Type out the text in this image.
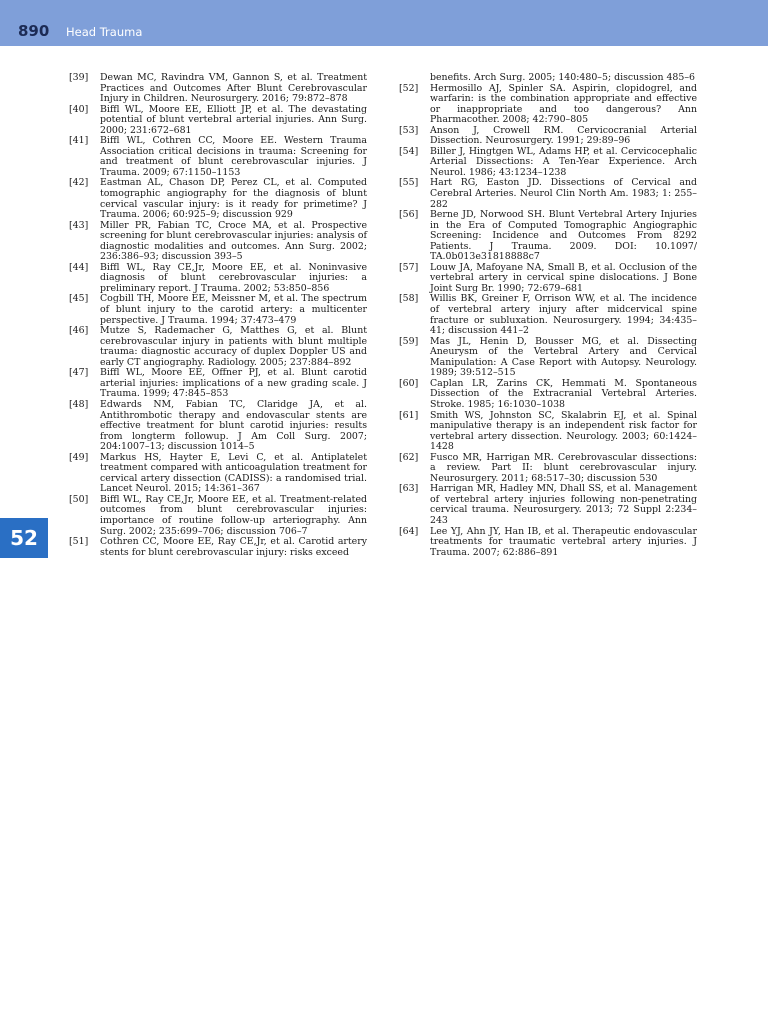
890 Head Trauma
52
[39] Dewan MC, Ravindra VM, Gannon S, et al. Treatment Practices and Outcomes After Blunt Cerebrovascular Injury in Children. Neurosurgery. 2016; 79:872–878
[40] Biffl WL, Moore EE, Elliott JP, et al. The devastating potential of blunt vertebral arterial injuries. Ann Surg. 2000; 231:672–681
[41] Biffl WL, Cothren CC, Moore EE. Western Trauma Association critical decisions in trauma: Screening for and treatment of blunt cerebrovascular injuries. J Trauma. 2009; 67:1150–1153
[42] Eastman AL, Chason DP, Perez CL, et al. Computed tomographic angiography for the diagnosis of blunt cervical vascular injury: is it ready for primetime? J Trauma. 2006; 60:925–9; discussion 929
[43] Miller PR, Fabian TC, Croce MA, et al. Prospective screening for blunt cerebrovascular injuries: analysis of diagnostic modalities and outcomes. Ann Surg. 2002; 236:386–93; discussion 393–5
[44] Biffl WL, Ray CE,Jr, Moore EE, et al. Noninvasive diagnosis of blunt cerebrovascular injuries: a preliminary report. J Trauma. 2002; 53:850–856
[45] Cogbill TH, Moore EE, Meissner M, et al. The spectrum of blunt injury to the carotid artery: a multicenter perspective. J Trauma. 1994; 37:473–479
[46] Mutze S, Rademacher G, Matthes G, et al. Blunt cerebrovascular injury in patients with blunt multiple trauma: diagnostic accuracy of duplex Doppler US and early CT angiography. Radiology. 2005; 237:884–892
[47] Biffl WL, Moore EE, Offner PJ, et al. Blunt carotid arterial injuries: implications of a new grading scale. J Trauma. 1999; 47:845–853
[48] Edwards NM, Fabian TC, Claridge JA, et al. Antithrombotic therapy and endovascular stents are effective treatment for blunt carotid injuries: results from longterm followup. J Am Coll Surg. 2007; 204:1007–13; discussion 1014–5
[49] Markus HS, Hayter E, Levi C, et al. Antiplatelet treatment compared with anticoagulation treatment for cervical artery dissection (CADISS): a randomised trial. Lancet Neurol. 2015; 14:361–367
[50] Biffl WL, Ray CE,Jr, Moore EE, et al. Treatment-related outcomes from blunt cerebrovascular injuries: importance of routine follow-up arteriography. Ann Surg. 2002; 235:699–706; discussion 706–7
[51] Cothren CC, Moore EE, Ray CE,Jr, et al. Carotid artery stents for blunt cerebrovascular injury: risks exceed
benefits. Arch Surg. 2005; 140:480–5; discussion 485–6
[52] Hermosillo AJ, Spinler SA. Aspirin, clopidogrel, and warfarin: is the combination appropriate and effective or inappropriate and too dangerous? Ann Pharmacother. 2008; 42:790–805
[53] Anson J, Crowell RM. Cervicocranial Arterial Dissection. Neurosurgery. 1991; 29:89–96
[54] Biller J, Hingtgen WL, Adams HP, et al. Cervicocephalic Arterial Dissections: A Ten-Year Experience. Arch Neurol. 1986; 43:1234–1238
[55] Hart RG, Easton JD. Dissections of Cervical and Cerebral Arteries. Neurol Clin North Am. 1983; 1: 255–282
[56] Berne JD, Norwood SH. Blunt Vertebral Artery Injuries in the Era of Computed Tomographic Angiographic Screening: Incidence and Outcomes From 8292 Patients. J Trauma. 2009. DOI: 10.1097/ TA.0b013e31818888c7
[57] Louw JA, Mafoyane NA, Small B, et al. Occlusion of the vertebral artery in cervical spine dislocations. J Bone Joint Surg Br. 1990; 72:679–681
[58] Willis BK, Greiner F, Orrison WW, et al. The incidence of vertebral artery injury after midcervical spine fracture or subluxation. Neurosurgery. 1994; 34:435–41; discussion 441–2
[59] Mas JL, Henin D, Bousser MG, et al. Dissecting Aneurysm of the Vertebral Artery and Cervical Manipulation: A Case Report with Autopsy. Neurology. 1989; 39:512–515
[60] Caplan LR, Zarins CK, Hemmati M. Spontaneous Dissection of the Extracranial Vertebral Arteries. Stroke. 1985; 16:1030–1038
[61] Smith WS, Johnston SC, Skalabrin EJ, et al. Spinal manipulative therapy is an independent risk factor for vertebral artery dissection. Neurology. 2003; 60:1424–1428
[62] Fusco MR, Harrigan MR. Cerebrovascular dissections: a review. Part II: blunt cerebrovascular injury. Neurosurgery. 2011; 68:517–30; discussion 530
[63] Harrigan MR, Hadley MN, Dhall SS, et al. Management of vertebral artery injuries following non-penetrating cervical trauma. Neurosurgery. 2013; 72 Suppl 2:234–243
[64] Lee YJ, Ahn JY, Han IB, et al. Therapeutic endovascular treatments for traumatic vertebral artery injuries. J Trauma. 2007; 62:886–891
